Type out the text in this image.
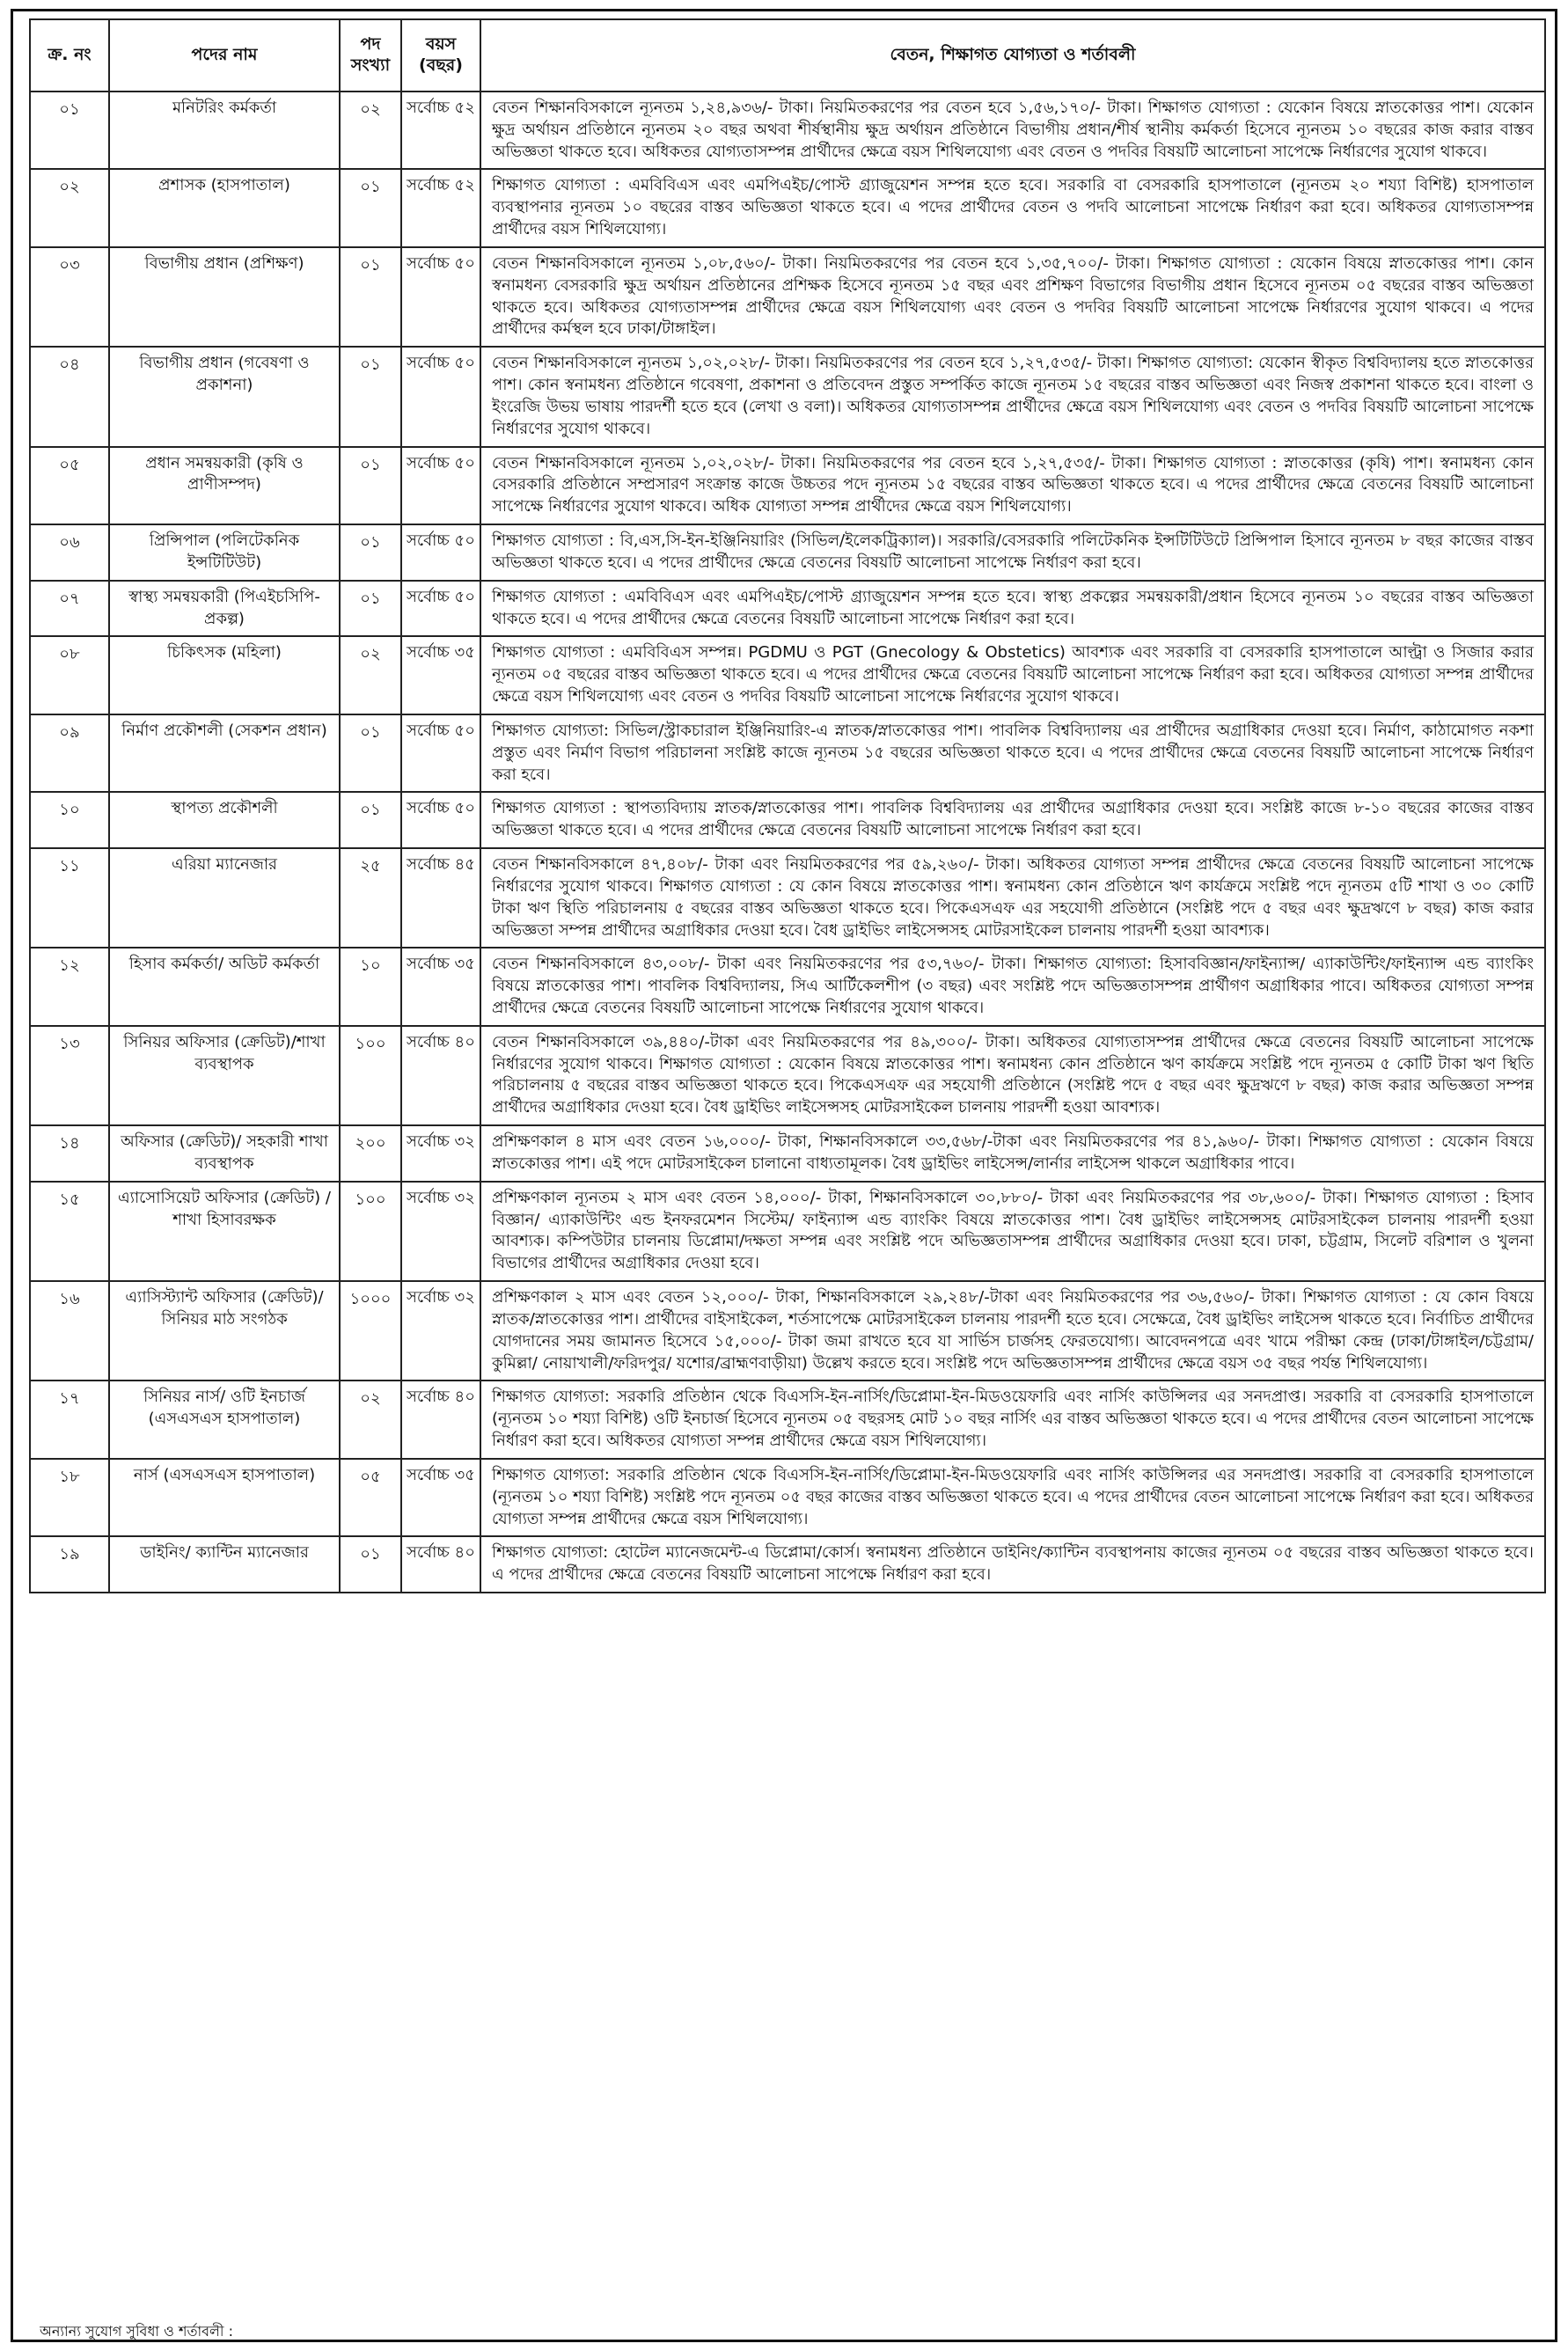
ক্র. নং	পদের নাম	পদ সংখ্যা	বয়স (বছর)	বেতন, শিক্ষাগত যোগ্যতা ও শর্তাবলী
০১	মনিটরিং কর্মকর্তা	০২	সর্বোচ্চ ৫২	বেতন শিক্ষানবিসকালে ন্যূনতম ১,২৪,৯৩৬/- টাকা। নিয়মিতকরণের পর বেতন হবে ১,৫৬,১৭০/- টাকা। শিক্ষাগত যোগ্যতা : যেকোন বিষয়ে স্নাতকোত্তর পাশ। যেকোন ক্ষুদ্র অর্থায়ন প্রতিষ্ঠানে ন্যূনতম ২০ বছর অথবা শীর্ষস্থানীয় ক্ষুদ্র অর্থায়ন প্রতিষ্ঠানে বিভাগীয় প্রধান/শীর্ষ স্থানীয় কর্মকর্তা হিসেবে ন্যূনতম ১০ বছরের কাজ করার বাস্তব অভিজ্ঞতা থাকতে হবে। অধিকতর যোগ্যতাসম্পন্ন প্রার্থীদের ক্ষেত্রে বয়স শিথিলযোগ্য এবং বেতন ও পদবির বিষয়টি আলোচনা সাপেক্ষে নির্ধারণের সুযোগ থাকবে।
০২	প্রশাসক (হাসপাতাল)	০১	সর্বোচ্চ ৫২	শিক্ষাগত যোগ্যতা : এমবিবিএস এবং এমপিএইচ/পোস্ট গ্র্যাজুয়েশন সম্পন্ন হতে হবে। সরকারি বা বেসরকারি হাসপাতালে (ন্যূনতম ২০ শয্যা বিশিষ্ট) হাসপাতাল ব্যবস্থাপনার ন্যূনতম ১০ বছরের বাস্তব অভিজ্ঞতা থাকতে হবে। এ পদের প্রার্থীদের বেতন ও পদবি আলোচনা সাপেক্ষে নির্ধারণ করা হবে। অধিকতর যোগ্যতাসম্পন্ন প্রার্থীদের বয়স শিথিলযোগ্য।
০৩	বিভাগীয় প্রধান (প্রশিক্ষণ)	০১	সর্বোচ্চ ৫০	বেতন শিক্ষানবিসকালে ন্যূনতম ১,০৮,৫৬০/- টাকা। নিয়মিতকরণের পর বেতন হবে ১,৩৫,৭০০/- টাকা। শিক্ষাগত যোগ্যতা : যেকোন বিষয়ে স্নাতকোত্তর পাশ। কোন স্বনামধন্য বেসরকারি ক্ষুদ্র অর্থায়ন প্রতিষ্ঠানের প্রশিক্ষক হিসেবে ন্যূনতম ১৫ বছর এবং প্রশিক্ষণ বিভাগের বিভাগীয় প্রধান হিসেবে ন্যূনতম ০৫ বছরের বাস্তব অভিজ্ঞতা থাকতে হবে। অধিকতর যোগ্যতাসম্পন্ন প্রার্থীদের ক্ষেত্রে বয়স শিথিলযোগ্য এবং বেতন ও পদবির বিষয়টি আলোচনা সাপেক্ষে নির্ধারণের সুযোগ থাকবে। এ পদের প্রার্থীদের কর্মস্থল হবে ঢাকা/টাঙ্গাইল।
০৪	বিভাগীয় প্রধান (গবেষণা ও প্রকাশনা)	০১	সর্বোচ্চ ৫০	বেতন শিক্ষানবিসকালে ন্যূনতম ১,০২,০২৮/- টাকা। নিয়মিতকরণের পর বেতন হবে ১,২৭,৫৩৫/- টাকা। শিক্ষাগত যোগ্যতা: যেকোন স্বীকৃত বিশ্ববিদ্যালয় হতে স্নাতকোত্তর পাশ। কোন স্বনামধন্য প্রতিষ্ঠানে গবেষণা, প্রকাশনা ও প্রতিবেদন প্রস্তুত সম্পর্কিত কাজে ন্যূনতম ১৫ বছরের বাস্তব অভিজ্ঞতা এবং নিজস্ব প্রকাশনা থাকতে হবে। বাংলা ও ইংরেজি উভয় ভাষায় পারদর্শী হতে হবে (লেখা ও বলা)। অধিকতর যোগ্যতাসম্পন্ন প্রার্থীদের ক্ষেত্রে বয়স শিথিলযোগ্য এবং বেতন ও পদবির বিষয়টি আলোচনা সাপেক্ষে নির্ধারণের সুযোগ থাকবে।
০৫	প্রধান সমন্বয়কারী (কৃষি ও প্রাণীসম্পদ)	০১	সর্বোচ্চ ৫০	বেতন শিক্ষানবিসকালে ন্যূনতম ১,০২,০২৮/- টাকা। নিয়মিতকরণের পর বেতন হবে ১,২৭,৫৩৫/- টাকা। শিক্ষাগত যোগ্যতা : স্নাতকোত্তর (কৃষি) পাশ। স্বনামধন্য কোন বেসরকারি প্রতিষ্ঠানে সম্প্রসারণ সংক্রান্ত কাজে উচ্চতর পদে ন্যূনতম ১৫ বছরের বাস্তব অভিজ্ঞতা থাকতে হবে। এ পদের প্রার্থীদের ক্ষেত্রে বেতনের বিষয়টি আলোচনা সাপেক্ষে নির্ধারণের সুযোগ থাকবে। অধিক যোগ্যতা সম্পন্ন প্রার্থীদের ক্ষেত্রে বয়স শিথিলযোগ্য।
০৬	প্রিন্সিপাল (পলিটেকনিক ইন্সটিটিউট)	০১	সর্বোচ্চ ৫০	শিক্ষাগত যোগ্যতা : বি,এস,সি-ইন-ইঞ্জিনিয়ারিং (সিভিল/ইলেকট্রিক্যাল)। সরকারি/বেসরকারি পলিটেকনিক ইন্সটিটিউটে প্রিন্সিপাল হিসাবে ন্যূনতম ৮ বছর কাজের বাস্তব অভিজ্ঞতা থাকতে হবে। এ পদের প্রার্থীদের ক্ষেত্রে বেতনের বিষয়টি আলোচনা সাপেক্ষে নির্ধারণ করা হবে।
০৭	স্বাস্থ্য সমন্বয়কারী (পিএইচসিপি-প্রকল্প)	০১	সর্বোচ্চ ৫০	শিক্ষাগত যোগ্যতা : এমবিবিএস এবং এমপিএইচ/পোস্ট গ্র্যাজুয়েশন সম্পন্ন হতে হবে। স্বাস্থ্য প্রকল্পের সমন্বয়কারী/প্রধান হিসেবে ন্যূনতম ১০ বছরের বাস্তব অভিজ্ঞতা থাকতে হবে। এ পদের প্রার্থীদের ক্ষেত্রে বেতনের বিষয়টি আলোচনা সাপেক্ষে নির্ধারণ করা হবে।
০৮	চিকিৎসক (মহিলা)	০২	সর্বোচ্চ ৩৫	শিক্ষাগত যোগ্যতা : এমবিবিএস সম্পন্ন। PGDMU ও PGT (Gnecology & Obstetics) আবশ্যক এবং সরকারি বা বেসরকারি হাসপাতালে আল্ট্রা ও সিজার করার ন্যূনতম ০৫ বছরের বাস্তব অভিজ্ঞতা থাকতে হবে। এ পদের প্রার্থীদের ক্ষেত্রে বেতনের বিষয়টি আলোচনা সাপেক্ষে নির্ধারণ করা হবে। অধিকতর যোগ্যতা সম্পন্ন প্রার্থীদের ক্ষেত্রে বয়স শিথিলযোগ্য এবং বেতন ও পদবির বিষয়টি আলোচনা সাপেক্ষে নির্ধারণের সুযোগ থাকবে।
০৯	নির্মাণ প্রকৌশলী (সেকশন প্রধান)	০১	সর্বোচ্চ ৫০	শিক্ষাগত যোগ্যতা: সিভিল/স্ট্রাকচারাল ইঞ্জিনিয়ারিং-এ স্নাতক/স্নাতকোত্তর পাশ। পাবলিক বিশ্ববিদ্যালয় এর প্রার্থীদের অগ্রাধিকার দেওয়া হবে। নির্মাণ, কাঠামোগত নকশা প্রস্তুত এবং নির্মাণ বিভাগ পরিচালনা সংশ্লিষ্ট কাজে ন্যূনতম ১৫ বছরের অভিজ্ঞতা থাকতে হবে। এ পদের প্রার্থীদের ক্ষেত্রে বেতনের বিষয়টি আলোচনা সাপেক্ষে নির্ধারণ করা হবে।
১০	স্থাপত্য প্রকৌশলী	০১	সর্বোচ্চ ৫০	শিক্ষাগত যোগ্যতা : স্থাপত্যবিদ্যায় স্নাতক/স্নাতকোত্তর পাশ। পাবলিক বিশ্ববিদ্যালয় এর প্রার্থীদের অগ্রাধিকার দেওয়া হবে। সংশ্লিষ্ট কাজে ৮-১০ বছরের কাজের বাস্তব অভিজ্ঞতা থাকতে হবে। এ পদের প্রার্থীদের ক্ষেত্রে বেতনের বিষয়টি আলোচনা সাপেক্ষে নির্ধারণ করা হবে।
১১	এরিয়া ম্যানেজার	২৫	সর্বোচ্চ ৪৫	বেতন শিক্ষানবিসকালে ৪৭,৪০৮/- টাকা এবং নিয়মিতকরণের পর ৫৯,২৬০/- টাকা। অধিকতর যোগ্যতা সম্পন্ন প্রার্থীদের ক্ষেত্রে বেতনের বিষয়টি আলোচনা সাপেক্ষে নির্ধারণের সুযোগ থাকবে। শিক্ষাগত যোগ্যতা : যে কোন বিষয়ে স্নাতকোত্তর পাশ। স্বনামধন্য কোন প্রতিষ্ঠানে ঋণ কার্যক্রমে সংশ্লিষ্ট পদে ন্যূনতম ৫টি শাখা ও ৩০ কোটি টাকা ঋণ স্থিতি পরিচালনায় ৫ বছরের বাস্তব অভিজ্ঞতা থাকতে হবে। পিকেএসএফ এর সহযোগী প্রতিষ্ঠানে (সংশ্লিষ্ট পদে ৫ বছর এবং ক্ষুদ্রঋণে ৮ বছর) কাজ করার অভিজ্ঞতা সম্পন্ন প্রার্থীদের অগ্রাধিকার দেওয়া হবে। বৈধ ড্রাইভিং লাইসেন্সসহ মোটরসাইকেল চালনায় পারদর্শী হওয়া আবশ্যক।
১২	হিসাব কর্মকর্তা/ অডিট কর্মকর্তা	১০	সর্বোচ্চ ৩৫	বেতন শিক্ষানবিসকালে ৪৩,০০৮/- টাকা এবং নিয়মিতকরণের পর ৫৩,৭৬০/- টাকা। শিক্ষাগত যোগ্যতা: হিসাববিজ্ঞান/ফাইন্যান্স/ এ্যাকাউন্টিং/ফাইন্যান্স এন্ড ব্যাংকিং বিষয়ে স্নাতকোত্তর পাশ। পাবলিক বিশ্ববিদ্যালয়, সিএ আর্টিকেলশীপ (৩ বছর) এবং সংশ্লিষ্ট পদে অভিজ্ঞতাসম্পন্ন প্রার্থীগণ অগ্রাধিকার পাবে। অধিকতর যোগ্যতা সম্পন্ন প্রার্থীদের ক্ষেত্রে বেতনের বিষয়টি আলোচনা সাপেক্ষে নির্ধারণের সুযোগ থাকবে।
১৩	সিনিয়র অফিসার (ক্রেডিট)/শাখা ব্যবস্থাপক	১০০	সর্বোচ্চ ৪০	বেতন শিক্ষানবিসকালে ৩৯,৪৪০/-টাকা এবং নিয়মিতকরণের পর ৪৯,৩০০/- টাকা। অধিকতর যোগ্যতাসম্পন্ন প্রার্থীদের ক্ষেত্রে বেতনের বিষয়টি আলোচনা সাপেক্ষে নির্ধারণের সুযোগ থাকবে। শিক্ষাগত যোগ্যতা : যেকোন বিষয়ে স্নাতকোত্তর পাশ। স্বনামধন্য কোন প্রতিষ্ঠানে ঋণ কার্যক্রমে সংশ্লিষ্ট পদে ন্যূনতম ৫ কোটি টাকা ঋণ স্থিতি পরিচালনায় ৫ বছরের বাস্তব অভিজ্ঞতা থাকতে হবে। পিকেএসএফ এর সহযোগী প্রতিষ্ঠানে (সংশ্লিষ্ট পদে ৫ বছর এবং ক্ষুদ্রঋণে ৮ বছর) কাজ করার অভিজ্ঞতা সম্পন্ন প্রার্থীদের অগ্রাধিকার দেওয়া হবে। বৈধ ড্রাইভিং লাইসেন্সসহ মোটরসাইকেল চালনায় পারদর্শী হওয়া আবশ্যক।
১৪	অফিসার (ক্রেডিট)/ সহকারী শাখা ব্যবস্থাপক	২০০	সর্বোচ্চ ৩২	প্রশিক্ষণকাল ৪ মাস এবং বেতন ১৬,০০০/- টাকা, শিক্ষানবিসকালে ৩৩,৫৬৮/-টাকা এবং নিয়মিতকরণের পর ৪১,৯৬০/- টাকা। শিক্ষাগত যোগ্যতা : যেকোন বিষয়ে স্নাতকোত্তর পাশ। এই পদে মোটরসাইকেল চালানো বাধ্যতামূলক। বৈধ ড্রাইভিং লাইসেন্স/লার্নার লাইসেন্স থাকলে অগ্রাধিকার পাবে।
১৫	এ্যাসোসিয়েট অফিসার (ক্রেডিট) /শাখা হিসাবরক্ষক	১০০	সর্বোচ্চ ৩২	প্রশিক্ষণকাল ন্যূনতম ২ মাস এবং বেতন ১৪,০০০/- টাকা, শিক্ষানবিসকালে ৩০,৮৮০/- টাকা এবং নিয়মিতকরণের পর ৩৮,৬০০/- টাকা। শিক্ষাগত যোগ্যতা : হিসাব বিজ্ঞান/ এ্যাকাউন্টিং এন্ড ইনফরমেশন সিস্টেম/ ফাইন্যান্স এন্ড ব্যাংকিং বিষয়ে স্নাতকোত্তর পাশ। বৈধ ড্রাইভিং লাইসেন্সসহ মোটরসাইকেল চালনায় পারদর্শী হওয়া আবশ্যক। কম্পিউটার চালনায় ডিপ্লোমা/দক্ষতা সম্পন্ন এবং সংশ্লিষ্ট পদে অভিজ্ঞতাসম্পন্ন প্রার্থীদের অগ্রাধিকার দেওয়া হবে। ঢাকা, চট্টগ্রাম, সিলেট বরিশাল ও খুলনা বিভাগের প্রার্থীদের অগ্রাধিকার দেওয়া হবে।
১৬	এ্যাসিস্ট্যান্ট অফিসার (ক্রেডিট)/ সিনিয়র মাঠ সংগঠক	১০০০	সর্বোচ্চ ৩২	প্রশিক্ষণকাল ২ মাস এবং বেতন ১২,০০০/- টাকা, শিক্ষানবিসকালে ২৯,২৪৮/-টাকা এবং নিয়মিতকরণের পর ৩৬,৫৬০/- টাকা। শিক্ষাগত যোগ্যতা : যে কোন বিষয়ে স্নাতক/স্নাতকোত্তর পাশ। প্রার্থীদের বাইসাইকেল, শর্তসাপেক্ষে মোটরসাইকেল চালনায় পারদর্শী হতে হবে। সেক্ষেত্রে, বৈধ ড্রাইভিং লাইসেন্স থাকতে হবে। নির্বাচিত প্রার্থীদের যোগদানের সময় জামানত হিসেবে ১৫,০০০/- টাকা জমা রাখতে হবে যা সার্ভিস চার্জসহ ফেরতযোগ্য। আবেদনপত্রে এবং খামে পরীক্ষা কেন্দ্র (ঢাকা/টাঙ্গাইল/চট্টগ্রাম/কুমিল্লা/ নোয়াখালী/ফরিদপুর/ যশোর/ব্রাহ্মণবাড়ীয়া) উল্লেখ করতে হবে। সংশ্লিষ্ট পদে অভিজ্ঞতাসম্পন্ন প্রার্থীদের ক্ষেত্রে বয়স ৩৫ বছর পর্যন্ত শিথিলযোগ্য।
১৭	সিনিয়র নার্স/ ওটি ইনচার্জ (এসএসএস হাসপাতাল)	০২	সর্বোচ্চ ৪০	শিক্ষাগত যোগ্যতা: সরকারি প্রতিষ্ঠান থেকে বিএসসি-ইন-নার্সিং/ডিপ্লোমা-ইন-মিডওয়েফারি এবং নার্সিং কাউন্সিলর এর সনদপ্রাপ্ত। সরকারি বা বেসরকারি হাসপাতালে (ন্যূনতম ১০ শয্যা বিশিষ্ট) ওটি ইনচার্জ হিসেবে ন্যূনতম ০৫ বছরসহ মোট ১০ বছর নার্সিং এর বাস্তব অভিজ্ঞতা থাকতে হবে। এ পদের প্রার্থীদের বেতন আলোচনা সাপেক্ষে নির্ধারণ করা হবে। অধিকতর যোগ্যতা সম্পন্ন প্রার্থীদের ক্ষেত্রে বয়স শিথিলযোগ্য।
১৮	নার্স (এসএসএস হাসপাতাল)	০৫	সর্বোচ্চ ৩৫	শিক্ষাগত যোগ্যতা: সরকারি প্রতিষ্ঠান থেকে বিএসসি-ইন-নার্সিং/ডিপ্লোমা-ইন-মিডওয়েফারি এবং নার্সিং কাউন্সিলর এর সনদপ্রাপ্ত। সরকারি বা বেসরকারি হাসপাতালে (ন্যূনতম ১০ শয্যা বিশিষ্ট) সংশ্লিষ্ট পদে ন্যূনতম ০৫ বছর কাজের বাস্তব অভিজ্ঞতা থাকতে হবে। এ পদের প্রার্থীদের বেতন আলোচনা সাপেক্ষে নির্ধারণ করা হবে। অধিকতর যোগ্যতা সম্পন্ন প্রার্থীদের ক্ষেত্রে বয়স শিথিলযোগ্য।
১৯	ডাইনিং/ ক্যান্টিন ম্যানেজার	০১	সর্বোচ্চ ৪০	শিক্ষাগত যোগ্যতা: হোটেল ম্যানেজমেন্ট-এ ডিপ্লোমা/কোর্স। স্বনামধন্য প্রতিষ্ঠানে ডাইনিং/ক্যান্টিন ব্যবস্থাপনায় কাজের ন্যূনতম ০৫ বছরের বাস্তব অভিজ্ঞতা থাকতে হবে। এ পদের প্রার্থীদের ক্ষেত্রে বেতনের বিষয়টি আলোচনা সাপেক্ষে নির্ধারণ করা হবে।
অন্যান্য সুযোগ সুবিধা ও শর্তাবলী :
